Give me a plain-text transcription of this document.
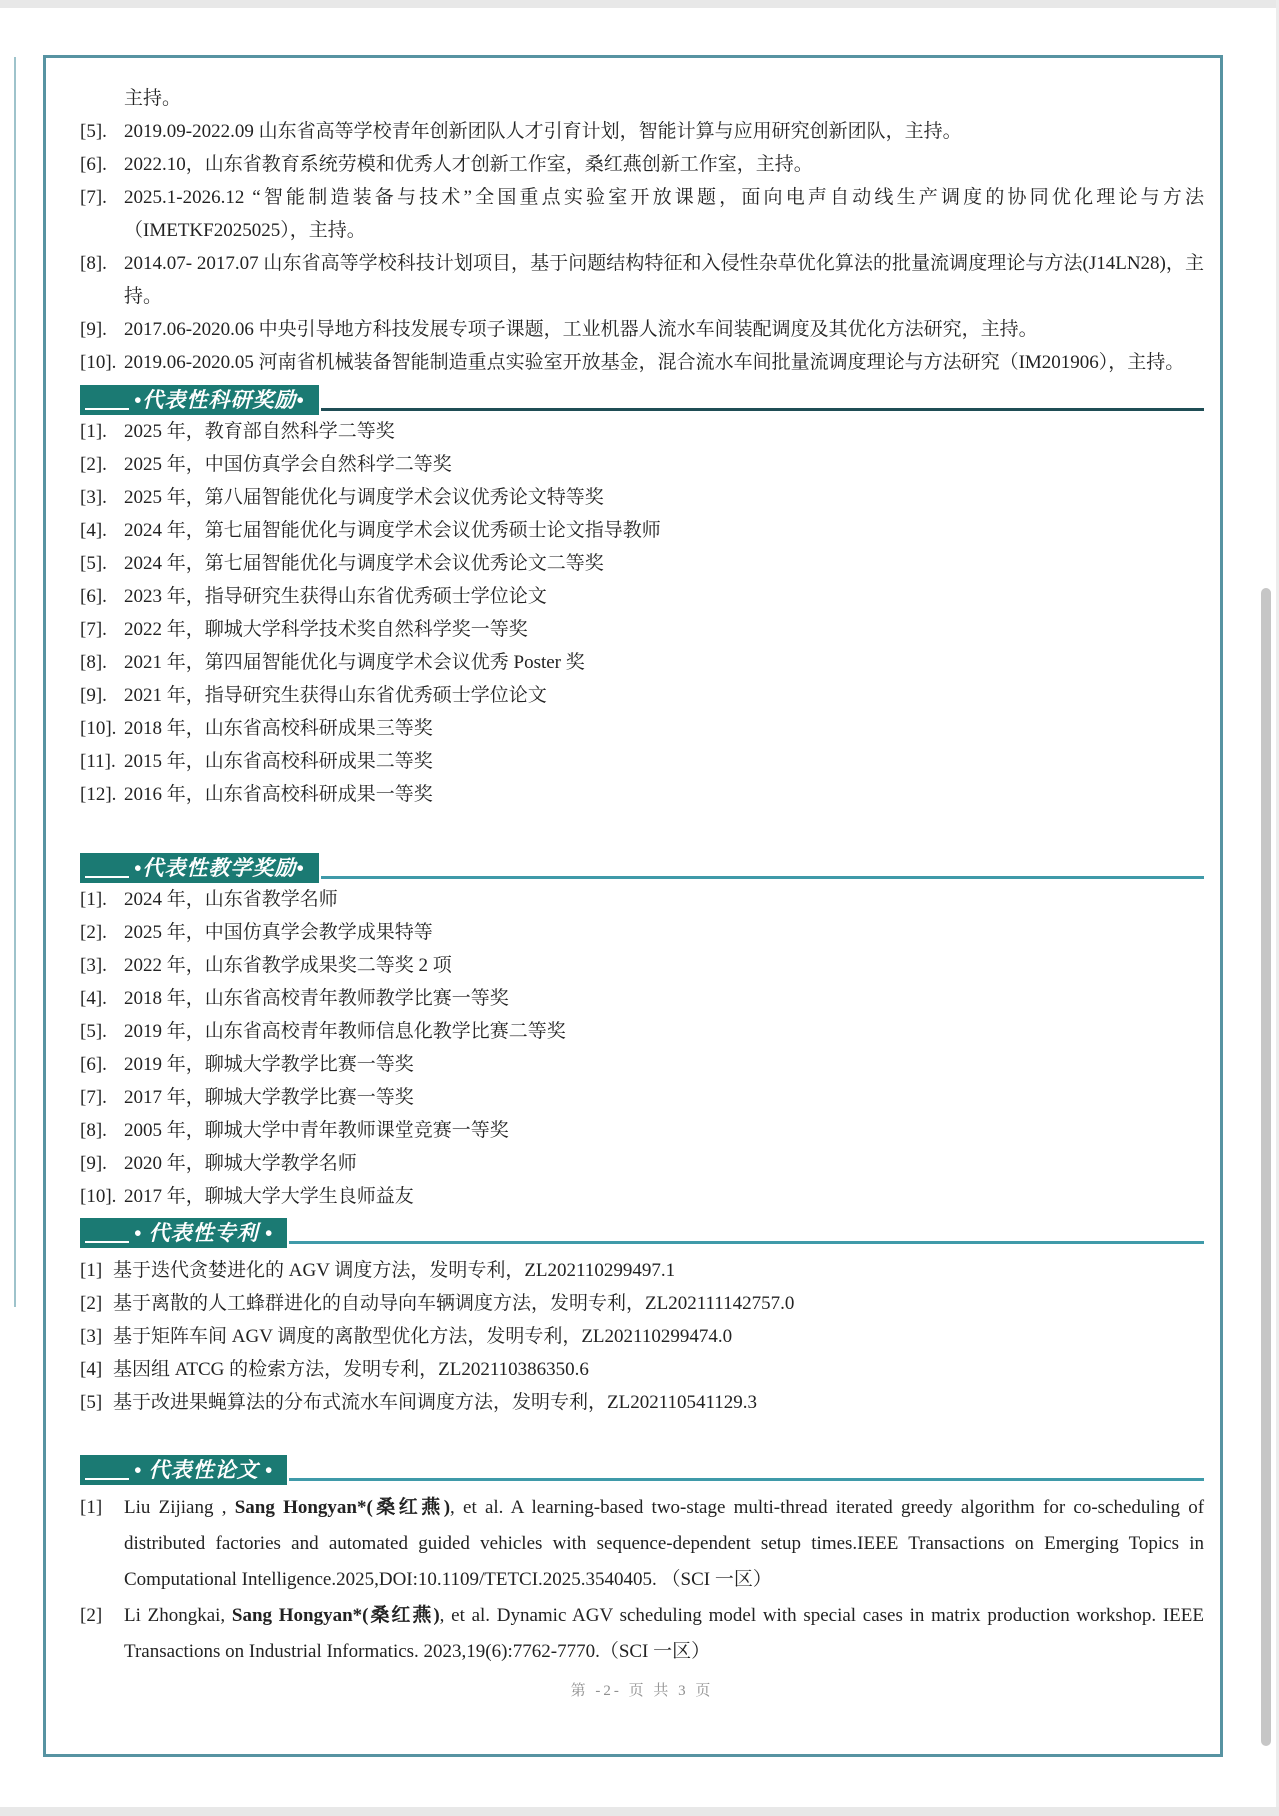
主持。
[5]. 2019.09-2022.09 山东省高等学校青年创新团队人才引育计划，智能计算与应用研究创新团队，主持。
[6]. 2022.10，山东省教育系统劳模和优秀人才创新工作室，桑红燕创新工作室，主持。
[7]. 2025.1-2026.12 “智能制造装备与技术”全国重点实验室开放课题，面向电声自动线生产调度的协同优化理论与方法（IMETKF2025025），主持。
[8]. 2014.07- 2017.07 山东省高等学校科技计划项目，基于问题结构特征和入侵性杂草优化算法的批量流调度理论与方法(J14LN28)，主持。
[9]. 2017.06-2020.06 中央引导地方科技发展专项子课题，工业机器人流水车间装配调度及其优化方法研究，主持。
[10]. 2019.06-2020.05 河南省机械装备智能制造重点实验室开放基金，混合流水车间批量流调度理论与方法研究（IM201906），主持。
•代表性科研奖励•
[1]. 2025 年，教育部自然科学二等奖
[2]. 2025 年，中国仿真学会自然科学二等奖
[3]. 2025 年，第八届智能优化与调度学术会议优秀论文特等奖
[4]. 2024 年，第七届智能优化与调度学术会议优秀硕士论文指导教师
[5]. 2024 年，第七届智能优化与调度学术会议优秀论文二等奖
[6]. 2023 年，指导研究生获得山东省优秀硕士学位论文
[7]. 2022 年，聊城大学科学技术奖自然科学奖一等奖
[8]. 2021 年，第四届智能优化与调度学术会议优秀 Poster 奖
[9]. 2021 年，指导研究生获得山东省优秀硕士学位论文
[10]. 2018 年，山东省高校科研成果三等奖
[11]. 2015 年，山东省高校科研成果二等奖
[12]. 2016 年，山东省高校科研成果一等奖
•代表性教学奖励•
[1]. 2024 年，山东省教学名师
[2]. 2025 年，中国仿真学会教学成果特等
[3]. 2022 年，山东省教学成果奖二等奖 2 项
[4]. 2018 年，山东省高校青年教师教学比赛一等奖
[5]. 2019 年，山东省高校青年教师信息化教学比赛二等奖
[6]. 2019 年，聊城大学教学比赛一等奖
[7]. 2017 年，聊城大学教学比赛一等奖
[8]. 2005 年，聊城大学中青年教师课堂竞赛一等奖
[9]. 2020 年，聊城大学教学名师
[10]. 2017 年，聊城大学大学生良师益友
• 代表性专利 •
[1] 基于迭代贪婪进化的 AGV 调度方法，发明专利，ZL202110299497.1
[2] 基于离散的人工蜂群进化的自动导向车辆调度方法，发明专利，ZL202111142757.0
[3] 基于矩阵车间 AGV 调度的离散型优化方法，发明专利，ZL202110299474.0
[4] 基因组 ATCG 的检索方法，发明专利，ZL202110386350.6
[5] 基于改进果蝇算法的分布式流水车间调度方法，发明专利，ZL202110541129.3
• 代表性论文 •
[1]	Liu Zijiang , Sang Hongyan*(桑红燕), et al. A learning-based two-stage multi-thread iterated greedy algorithm for co-scheduling of distributed factories and automated guided vehicles with sequence-dependent setup times.IEEE Transactions on Emerging Topics in Computational Intelligence.2025,DOI:10.1109/TETCI.2025.3540405. （SCI 一区）

[2]	Li Zhongkai, Sang Hongyan*(桑红燕), et al. Dynamic AGV scheduling model with special cases in matrix production workshop. IEEE Transactions on Industrial Informatics. 2023,19(6):7762-7770.（SCI 一区）

第 -2- 页 共 3 页
